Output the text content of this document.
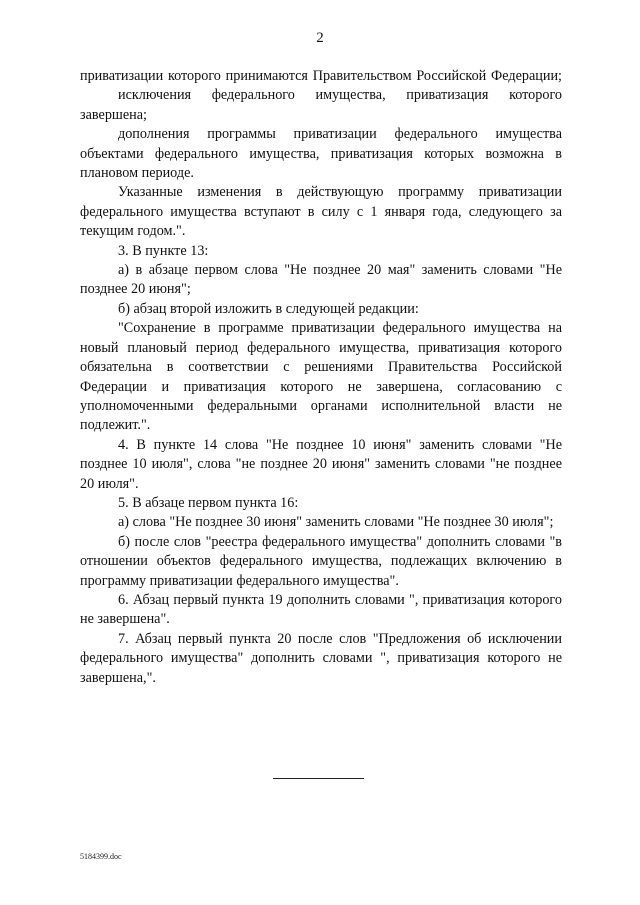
2

приватизации которого принимаются Правительством Российской Федерации;

исключения федерального имущества, приватизация которого завершена;

дополнения программы приватизации федерального имущества объектами федерального имущества, приватизация которых возможна в плановом периоде.

Указанные изменения в действующую программу приватизации федерального имущества вступают в силу с 1 января года, следующего за текущим годом.".

3. В пункте 13:

а) в абзаце первом слова "Не позднее 20 мая" заменить словами "Не позднее 20 июня";

б) абзац второй изложить в следующей редакции:

"Сохранение в программе приватизации федерального имущества на новый плановый период федерального имущества, приватизация которого обязательна в соответствии с решениями Правительства Российской Федерации и приватизация которого не завершена, согласованию с уполномоченными федеральными органами исполнительной власти не подлежит.".

4. В пункте 14 слова "Не позднее 10 июня" заменить словами "Не позднее 10 июля", слова "не позднее 20 июня" заменить словами "не позднее 20 июля".

5. В абзаце первом пункта 16:

а) слова "Не позднее 30 июня" заменить словами "Не позднее 30 июля";

б) после слов "реестра федерального имущества" дополнить словами "в отношении объектов федерального имущества, подлежащих включению в программу приватизации федерального имущества".

6. Абзац первый пункта 19 дополнить словами ", приватизация которого не завершена".

7. Абзац первый пункта 20 после слов "Предложения об исключении федерального имущества" дополнить словами ", приватизация которого не завершена,".

5184399.doc
